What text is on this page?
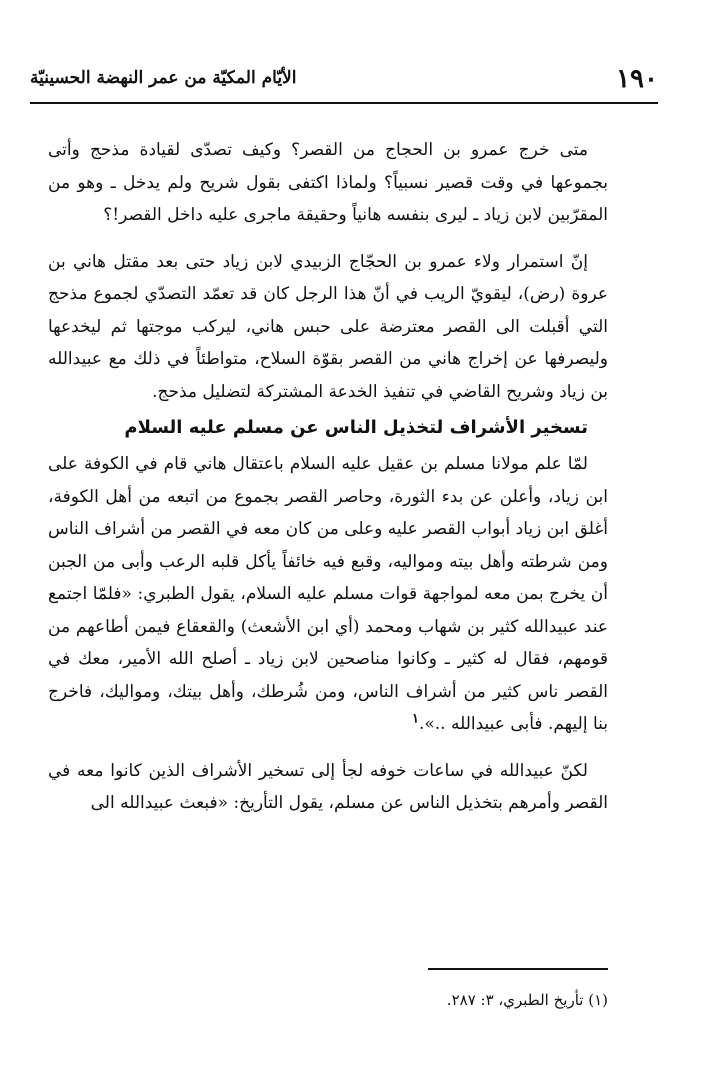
١٩٠
الأيّام المكيّة من عمر النهضة الحسينيّة

متى خرج عمرو بن الحجاج من القصر؟ وكيف تصدّى لقيادة مذحج وأتى بجموعها في وقت قصير نسبياً؟ ولماذا اكتفى بقول شريح ولم يدخل ـ وهو من المقرّبين لابن زياد ـ ليرى بنفسه هانياً وحقيقة ماجرى عليه داخل القصر!؟

إنّ استمرار ولاء عمرو بن الحجّاج الزبيدي لابن زياد حتى بعد مقتل هاني بن عروة (رض)، ليقويّ الريب في أنّ هذا الرجل كان قد تعمّد التصدّي لجموع مذحج التي أقبلت الى القصر معترضة على حبس هاني، ليركب موجتها ثم ليخدعها وليصرفها عن إخراج هاني من القصر بقوّة السلاح، متواطئاً في ذلك مع عبيدالله بن زياد وشريح القاضي في تنفيذ الخدعة المشتركة لتضليل مذحج.

تسخير الأشراف لتخذيل الناس عن مسلم عليه السلام

لمّا علم مولانا مسلم بن عقيل عليه السلام باعتقال هاني قام في الكوفة على ابن زياد، وأعلن عن بدء الثورة، وحاصر القصر بجموع من اتبعه من أهل الكوفة، أغلق ابن زياد أبواب القصر عليه وعلى من كان معه في القصر من أشراف الناس ومن شرطته وأهل بيته ومواليه، وقبع فيه خائفاً يأكل قلبه الرعب وأبى من الجبن أن يخرج بمن معه لمواجهة قوات مسلم عليه السلام، يقول الطبري: «فلمّا اجتمع عند عبيدالله كثير بن شهاب ومحمد (أي ابن الأشعث) والقعقاع فيمن أطاعهم من قومهم، فقال له كثير ـ وكانوا مناصحين لابن زياد ـ أصلح الله الأمير، معك في القصر ناس كثير من أشراف الناس، ومن شُرطك، وأهل بيتك، ومواليك، فاخرج بنا إليهم. فأبى عبيدالله ..».$^١$

لكنّ عبيدالله في ساعات خوفه لجأ إلى تسخير الأشراف الذين كانوا معه في القصر وأمرهم بتخذيل الناس عن مسلم، يقول التأريخ: «فبعث عبيدالله الى

(١) تأريخ الطبري، ٣: ٢٨٧.
